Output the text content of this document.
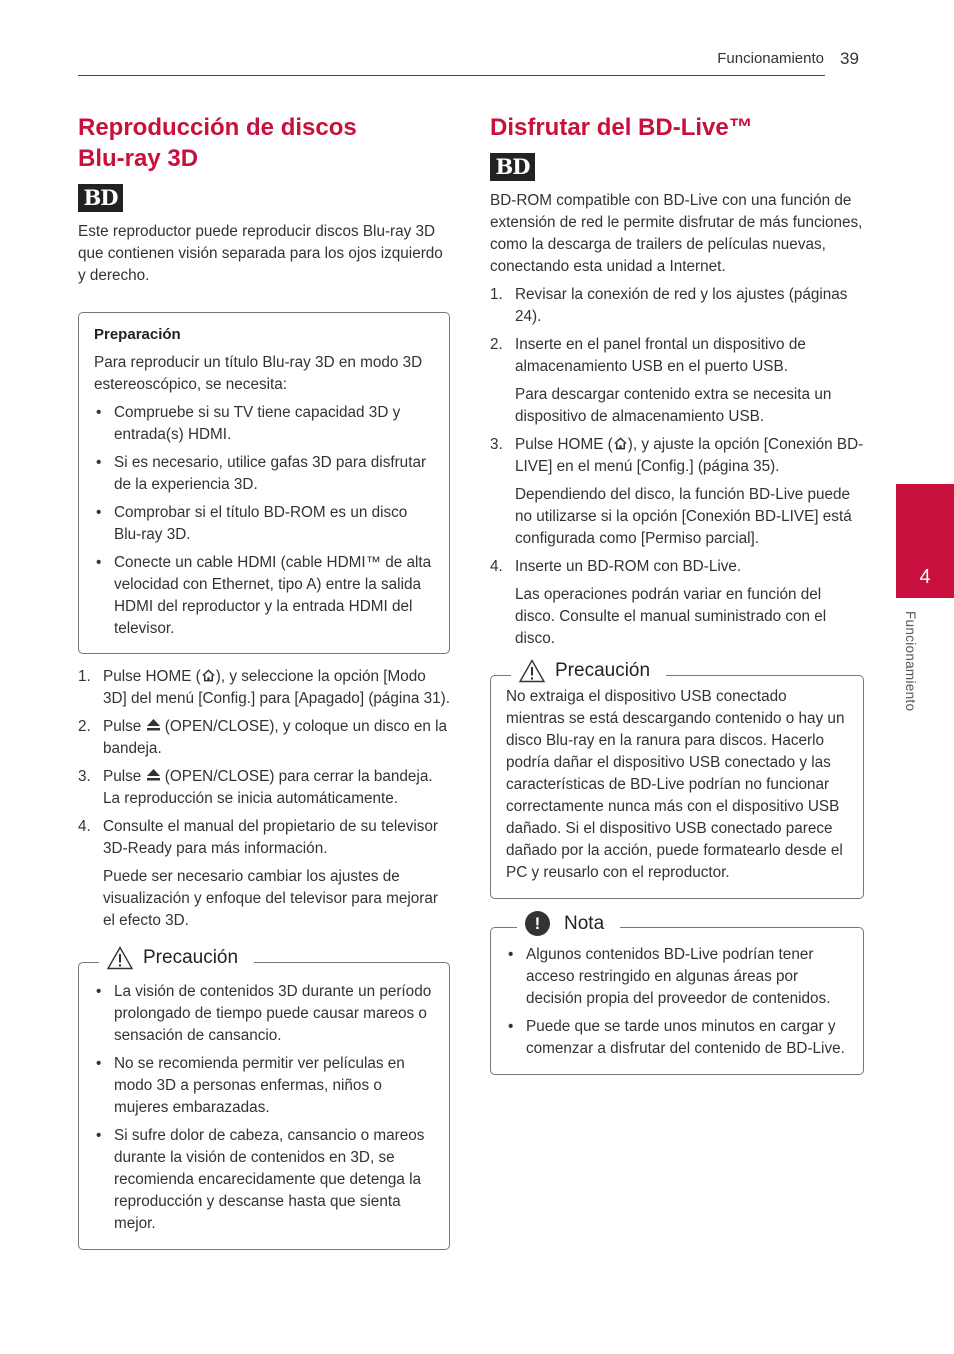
Funcionamiento 39
Reproducción de discos
Blu-ray 3D
BD

Este reproductor puede reproducir discos Blu-ray 3D que contienen visión separada para los ojos izquierdo y derecho.

Preparación

Para reproducir un título Blu-ray 3D en modo 3D estereoscópico, se necesita:

• Compruebe si su TV tiene capacidad 3D y entrada(s) HDMI.
• Si es necesario, utilice gafas 3D para disfrutar de la experiencia 3D.
• Comprobar si el título BD-ROM es un disco Blu-ray 3D.
• Conecte un cable HDMI (cable HDMI™ de alta velocidad con Ethernet, tipo A) entre la salida HDMI del reproductor y la entrada HDMI del televisor.
1. Pulse HOME ( ), y seleccione la opción [Modo 3D] del menú [Config.] para [Apagado] (página 31).
2. Pulse  (OPEN/CLOSE), y coloque un disco en la bandeja.
3. Pulse  (OPEN/CLOSE) para cerrar la bandeja. La reproducción se inicia automáticamente.
4. Consulte el manual del propietario de su televisor 3D-Ready para más información.
Puede ser necesario cambiar los ajustes de visualización y enfoque del televisor para mejorar el efecto 3D.
Precaución
• La visión de contenidos 3D durante un período prolongado de tiempo puede causar mareos o sensación de cansancio.
• No se recomienda permitir ver películas en modo 3D a personas enfermas, niños o mujeres embarazadas.
• Si sufre dolor de cabeza, cansancio o mareos durante la visión de contenidos en 3D, se recomienda encarecidamente que detenga la reproducción y descanse hasta que sienta mejor.
Disfrutar del BD-Live™
BD

BD-ROM compatible con BD-Live con una función de extensión de red le permite disfrutar de más funciones, como la descarga de trailers de películas nuevas, conectando esta unidad a Internet.

1. Revisar la conexión de red y los ajustes (páginas 24).
2. Inserte en el panel frontal un dispositivo de almacenamiento USB en el puerto USB.
Para descargar contenido extra se necesita un dispositivo de almacenamiento USB.
3. Pulse HOME ( ), y ajuste la opción [Conexión BD-LIVE] en el menú [Config.] (página 35).
Dependiendo del disco, la función BD-Live puede no utilizarse si la opción [Conexión BD-LIVE] está configurada como [Permiso parcial].
4. Inserte un BD-ROM con BD-Live.
Las operaciones podrán variar en función del disco. Consulte el manual suministrado con el disco.
Precaución
No extraiga el dispositivo USB conectado mientras se está descargando contenido o hay un disco Blu-ray en la ranura para discos. Hacerlo podría dañar el dispositivo USB conectado y las características de BD-Live podrían no funcionar correctamente nunca más con el dispositivo USB dañado. Si el dispositivo USB conectado parece dañado por la acción, puede formatearlo desde el PC y reusarlo con el reproductor.
!	Nota
• Algunos contenidos BD-Live podrían tener acceso restringido en algunas áreas por decisión propia del proveedor de contenidos.
• Puede que se tarde unos minutos en cargar y comenzar a disfrutar del contenido de BD-Live.
4
Funcionamiento
